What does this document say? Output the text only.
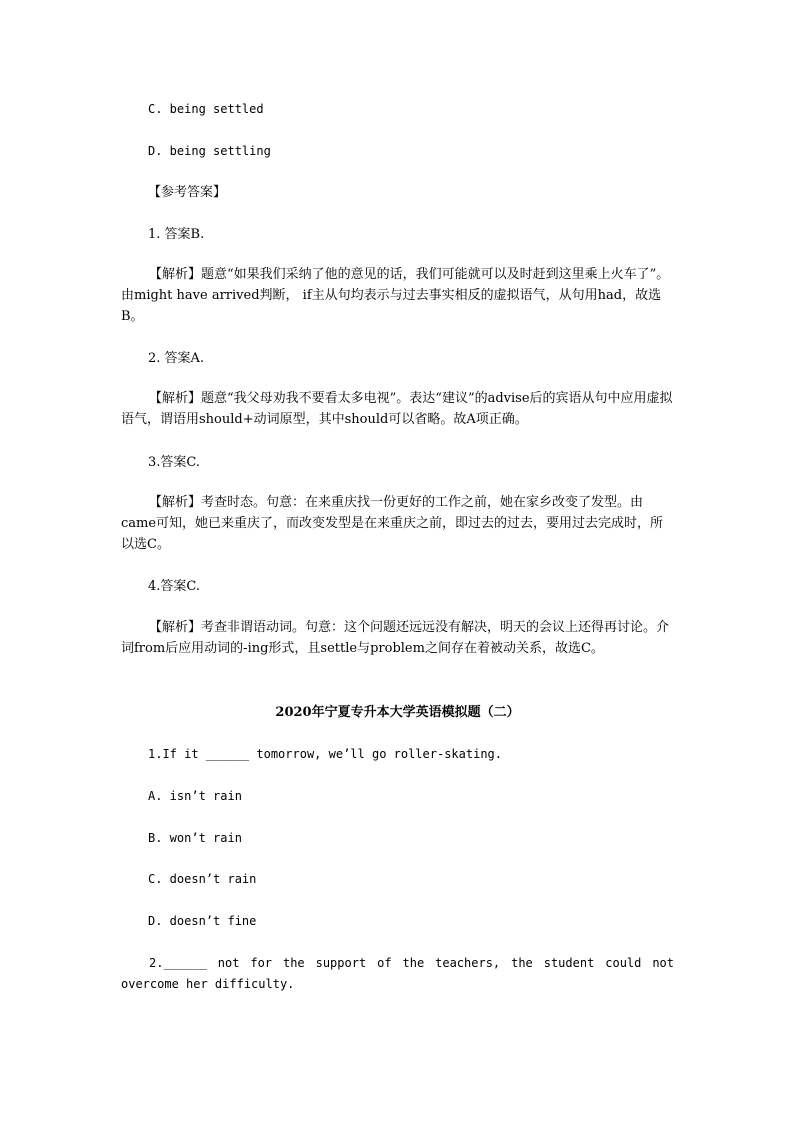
C. being settled
D. being settling
【参考答案】
1. 答案B.
【解析】题意“如果我们采纳了他的意见的话，我们可能就可以及时赶到这里乘上火车了”。由might have arrived判断， if主从句均表示与过去事实相反的虚拟语气，从句用had，故选B。
2. 答案A.
【解析】题意“我父母劝我不要看太多电视”。表达“建议”的advise后的宾语从句中应用虚拟语气，谓语用should+动词原型，其中should可以省略。故A项正确。
3.答案C.
【解析】考查时态。句意：在来重庆找一份更好的工作之前，她在家乡改变了发型。由came可知，她已来重庆了，而改变发型是在来重庆之前，即过去的过去，要用过去完成时，所以选C。
4.答案C.
【解析】考查非谓语动词。句意：这个问题还远远没有解决，明天的会议上还得再讨论。介词from后应用动词的-ing形式，且settle与problem之间存在着被动关系，故选C。
2020年宁夏专升本大学英语模拟题（二）
1.If it ______ tomorrow, we’ll go roller-skating.
A. isn’t rain
B. won’t rain
C. doesn’t rain
D. doesn’t fine
2.______ not for the support of the teachers, the student could not overcome her difficulty.
